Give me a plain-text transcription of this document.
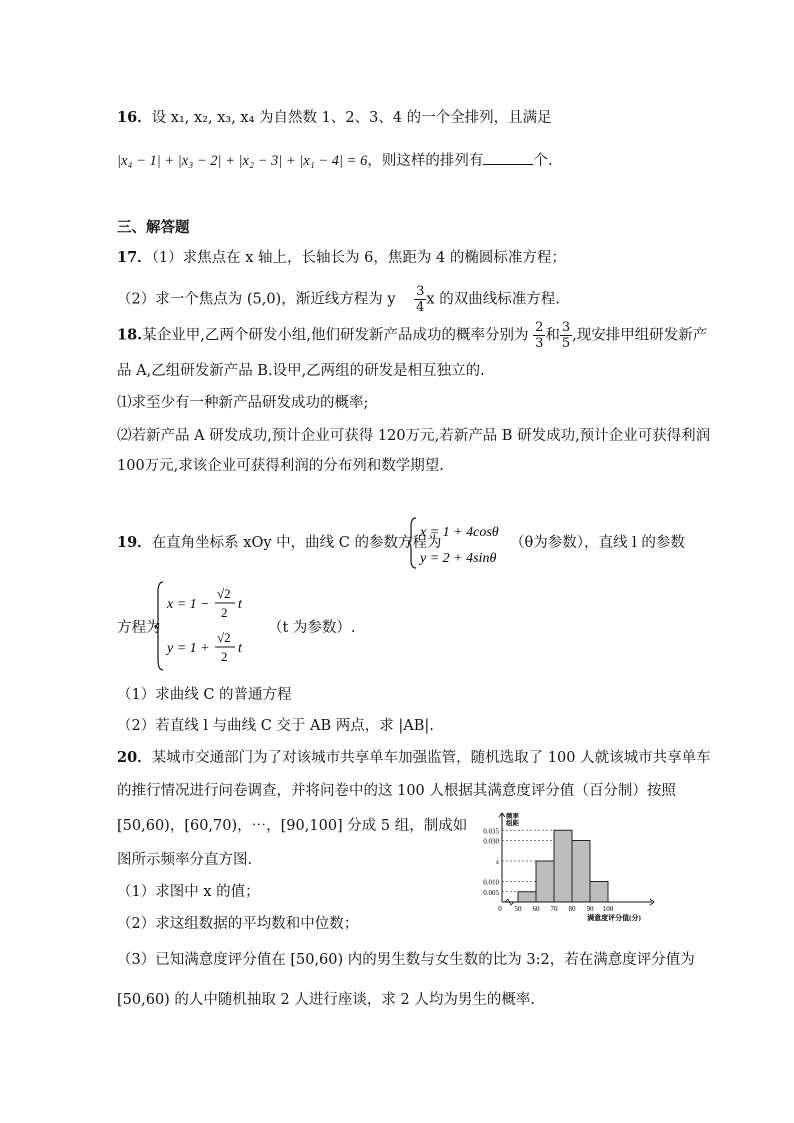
16．设 x₁, x₂, x₃, x₄ 为自然数 1、2、3、4 的一个全排列，且满足
|x₄ − 1| + |x₃ − 2| + |x₂ − 3| + |x₁ − 4| = 6，则这样的排列有	个.
三、解答题
17．（1）求焦点在 x 轴上，长轴长为 6，焦距为 4 的椭圆标准方程；
（2）求一个焦点为 (5,0)，渐近线方程为 y $\frac{3}{4}$ x 的双曲线标准方程.
18.某企业甲,乙两个研发小组,他们研发新产品成功的概率分别为 $\frac{2}{3}$ 和 $\frac{3}{5}$ ,现安排甲组研发新产
品 A,乙组研发新产品 B.设甲,乙两组的研发是相互独立的.
⑴求至少有一种新产品研发成功的概率;
⑵若新产品 A 研发成功,预计企业可获得 120万元,若新产品 B 研发成功,预计企业可获得利润
100万元,求该企业可获得利润的分布列和数学期望.
19．在直角坐标系 xOy 中，曲线 C 的参数方程为
x = 1 + 4cosθ
y = 2 + 4sinθ
（θ为参数），直线 l 的参数
方程为
x = 1 −
√2
2
t
y = 1 +
√2
2
t
（t 为参数）.
（1）求曲线 C 的普通方程
（2）若直线 l 与曲线 C 交于 AB 两点，求 |AB|.
20．某城市交通部门为了对该城市共享单车加强监管，随机选取了 100 人就该城市共享单车
的推行情况进行问卷调查，并将问卷中的这 100 人根据其满意度评分值（百分制）按照
[50,60)，[60,70)，⋯，[90,100] 分成 5 组，制成如
图所示频率分直方图.
（1）求图中 x 的值；
（2）求这组数据的平均数和中位数；
（3）已知满意度评分值在 [50,60) 内的男生数与女生数的比为 3:2，若在满意度评分值为
[50,60) 的人中随机抽取 2 人进行座谈，求 2 人均为男生的概率.
0.005
0.010
x
0.030
0.035
0 50 60 70 80 90 100
频率
组距
满意度评分值(分)
